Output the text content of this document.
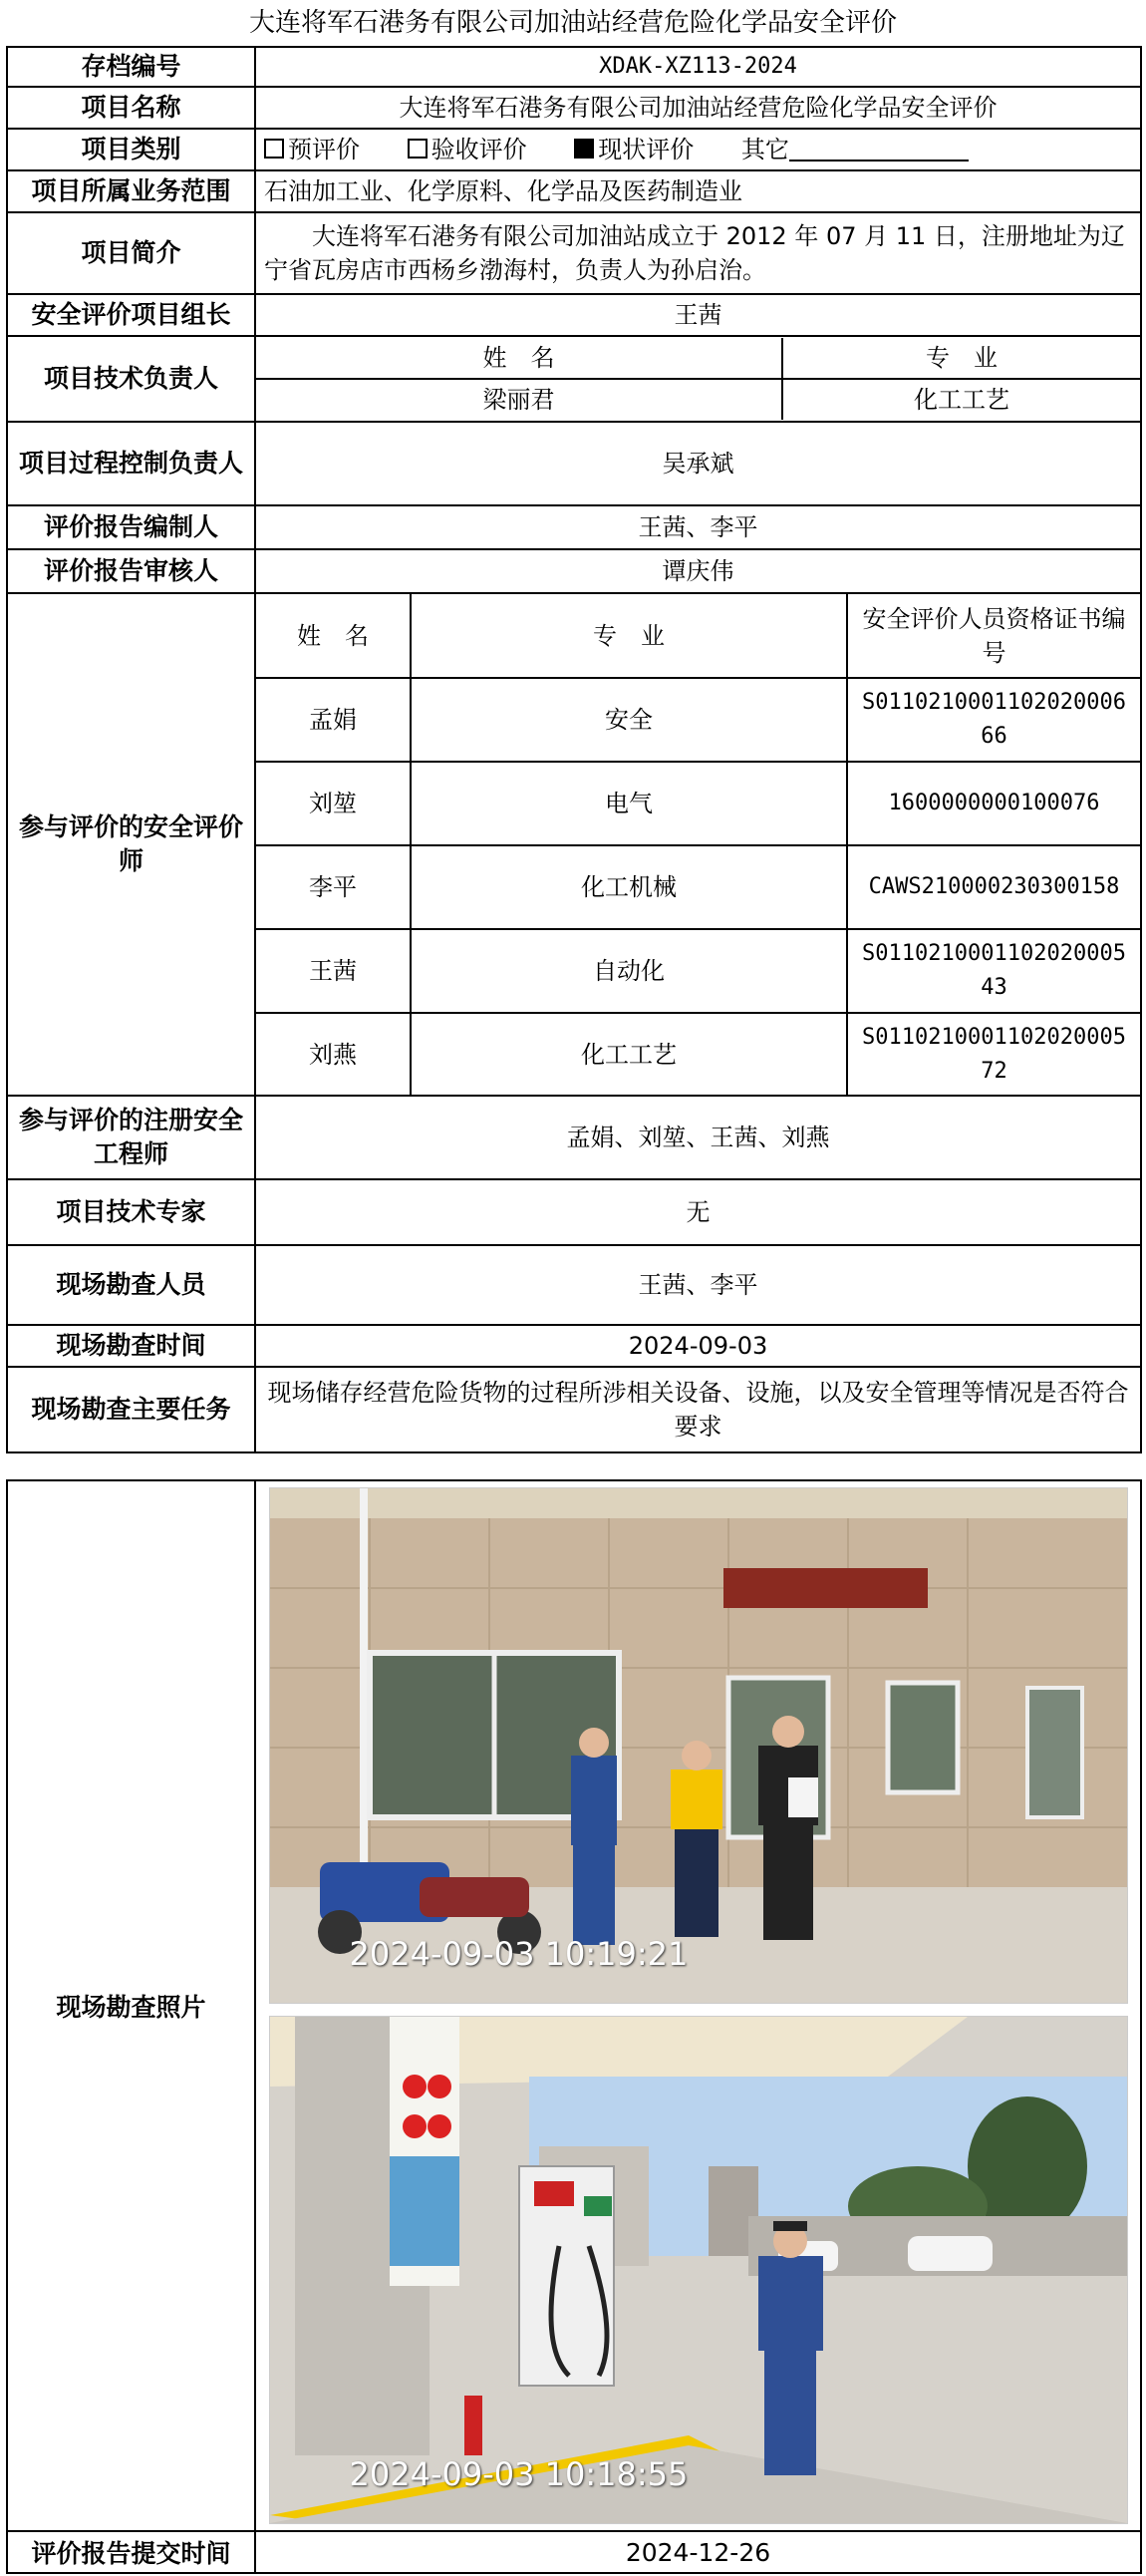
大连将军石港务有限公司加油站经营危险化学品安全评价
存档编号	XDAK-XZ113-2024
项目名称	大连将军石港务有限公司加油站经营危险化学品安全评价
项目类别	预评价	验收评价	现状评价 其它
项目所属业务范围	石油加工业、化学原料、化学品及医药制造业
项目简介	大连将军石港务有限公司加油站成立于 2012 年 07 月 11 日，注册地址为辽宁省瓦房店市西杨乡渤海村，负责人为孙启治。
安全评价项目组长	王茜
项目技术负责人	
姓　名	专　业
梁丽君	化工工艺

项目过程控制负责人	吴承斌
评价报告编制人	王茜、李平
评价报告审核人	谭庆伟
参与评价的安全评价师	
姓　名	专　业	安全评价人员资格证书编号
孟娟	安全	S011021000110202000666
刘堃	电气	1600000000100076
李平	化工机械	CAWS210000230300158
王茜	自动化	S011021000110202000543
刘燕	化工工艺	S011021000110202000572

参与评价的注册安全工程师	孟娟、刘堃、王茜、刘燕
项目技术专家	无
现场勘查人员	王茜、李平
现场勘查时间	2024-09-03
现场勘查主要任务	现场储存经营危险货物的过程所涉相关设备、设施，以及安全管理等情况是否符合要求
现场勘查照片	2024-09-03 10:19:21
2024-09-03 10:18:55

评价报告提交时间	2024-12-26
